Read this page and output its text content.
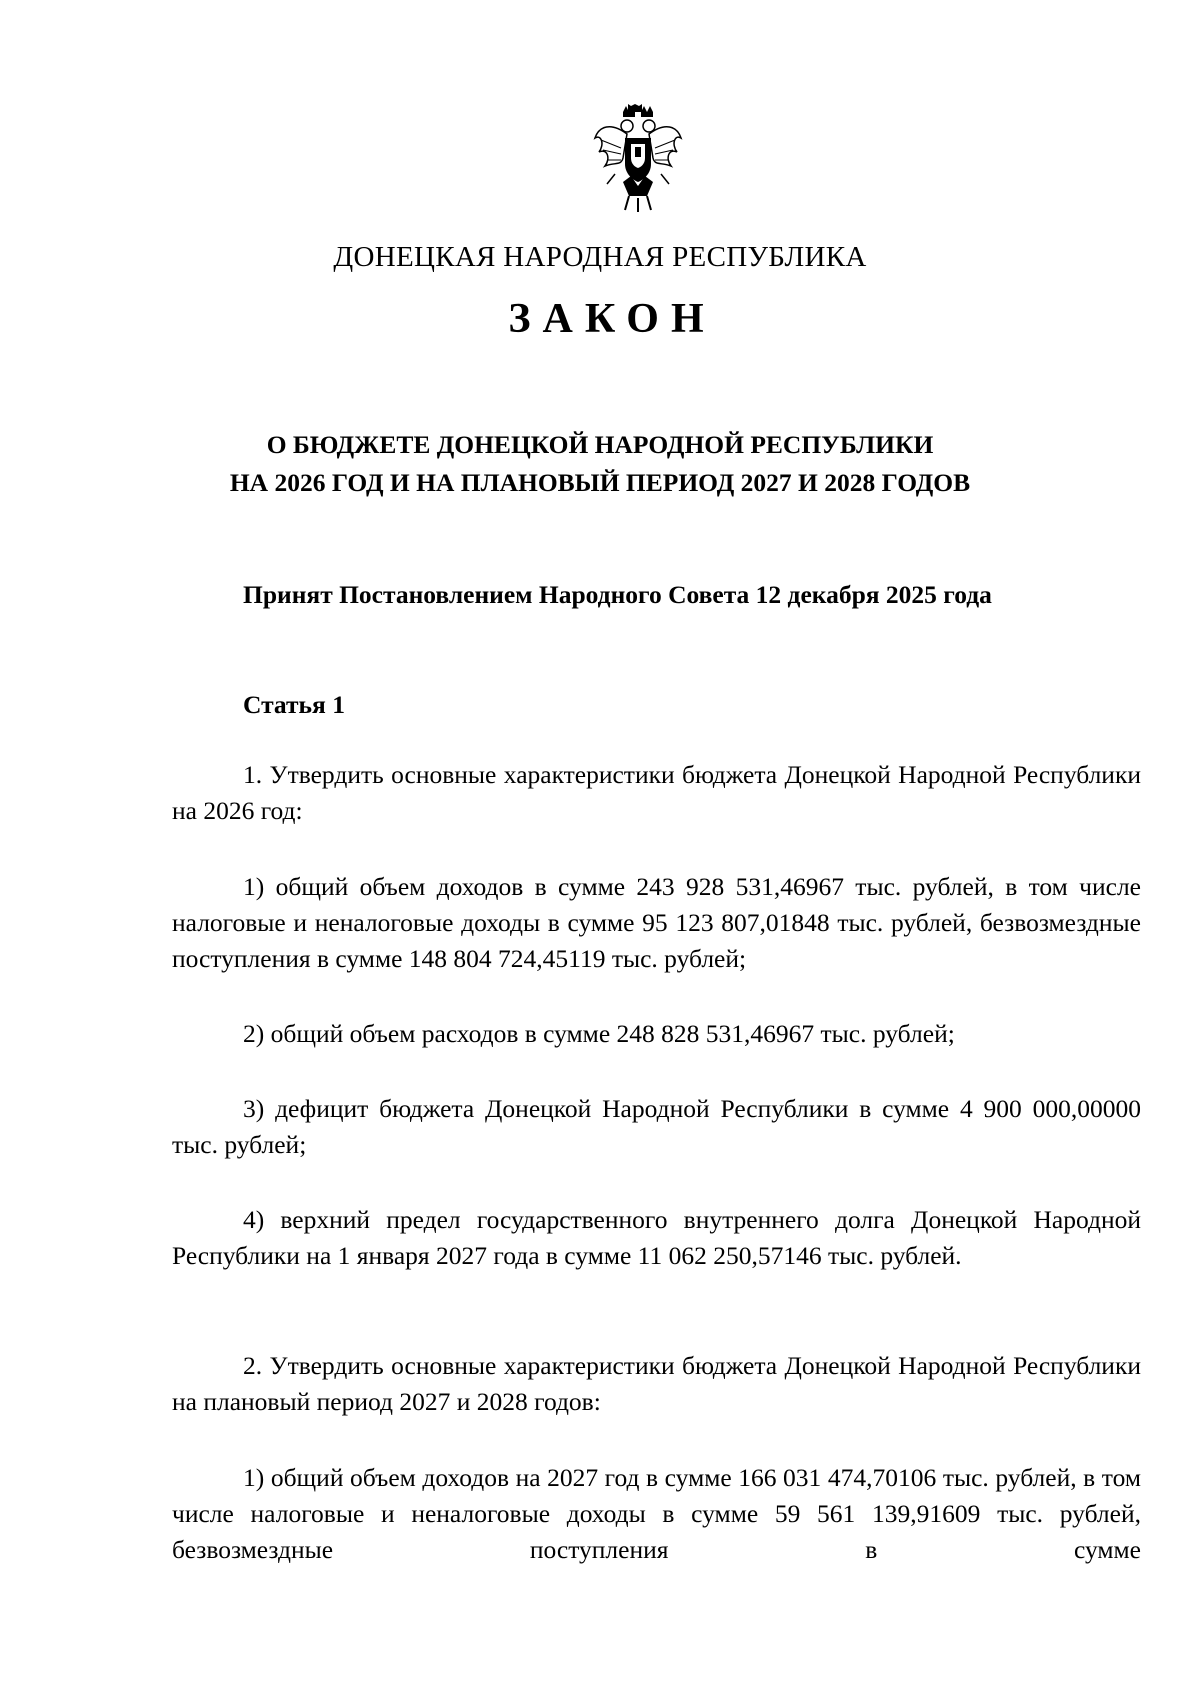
ДОНЕЦКАЯ НАРОДНАЯ РЕСПУБЛИКА
ЗАКОН
О БЮДЖЕТЕ ДОНЕЦКОЙ НАРОДНОЙ РЕСПУБЛИКИ
НА 2026 ГОД И НА ПЛАНОВЫЙ ПЕРИОД 2027 И 2028 ГОДОВ
Принят Постановлением Народного Совета 12 декабря 2025 года
Статья 1
1. Утвердить основные характеристики бюджета Донецкой Народной Республики на 2026 год:
1) общий объем доходов в сумме 243 928 531,46967 тыс. рублей, в том числе налоговые и неналоговые доходы в сумме 95 123 807,01848 тыс. рублей, безвозмездные поступления в сумме 148 804 724,45119 тыс. рублей;
2) общий объем расходов в сумме 248 828 531,46967 тыс. рублей;
3) дефицит бюджета Донецкой Народной Республики в сумме 4 900 000,00000 тыс. рублей;
4) верхний предел государственного внутреннего долга Донецкой Народной Республики на 1 января 2027 года в сумме 11 062 250,57146 тыс. рублей.
2. Утвердить основные характеристики бюджета Донецкой Народной Республики на плановый период 2027 и 2028 годов:
1) общий объем доходов на 2027 год в сумме 166 031 474,70106 тыс. рублей, в том числе налоговые и неналоговые доходы в сумме 59 561 139,91609 тыс. рублей, безвозмездные поступления в сумме
